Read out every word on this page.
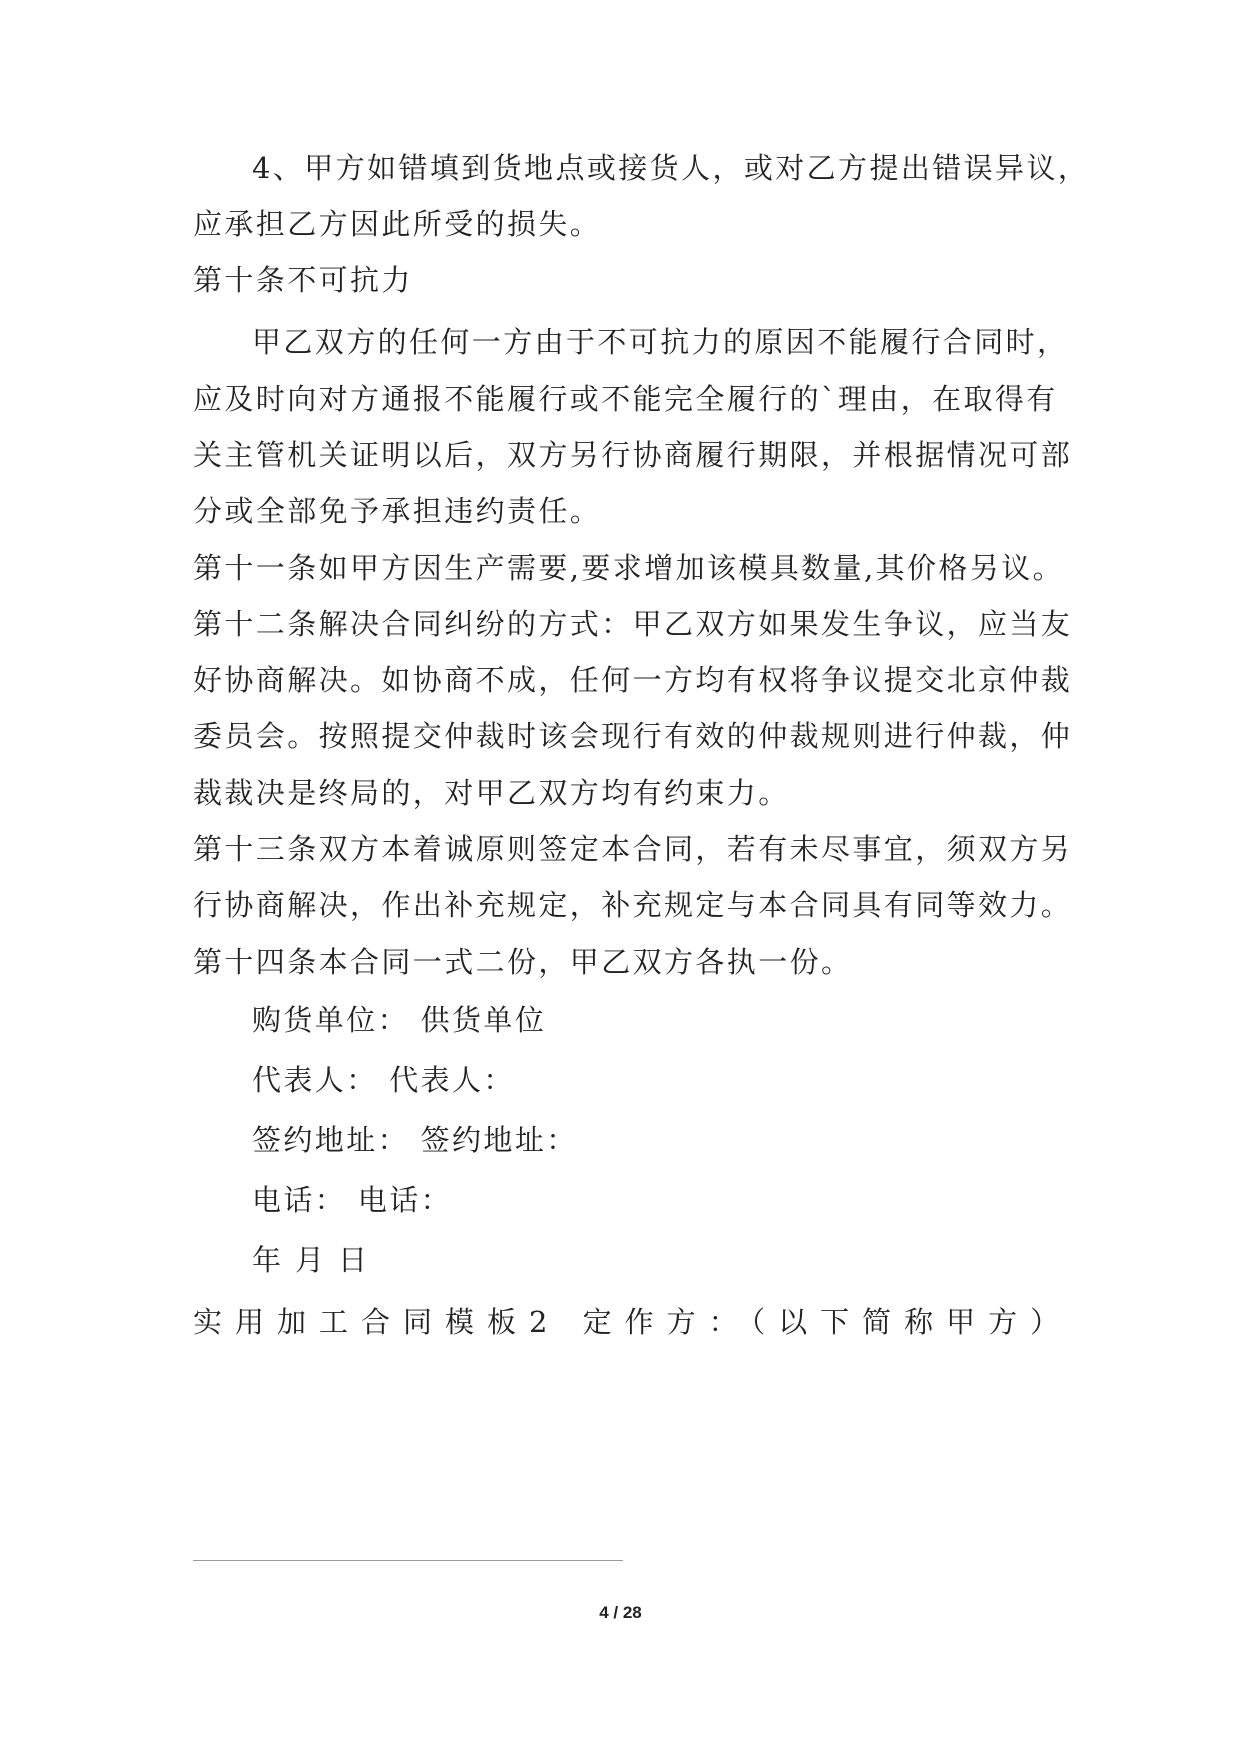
4、甲方如错填到货地点或接货人，或对乙方提出错误异议，
应承担乙方因此所受的损失。
第十条不可抗力
甲乙双方的任何一方由于不可抗力的原因不能履行合同时，
应及时向对方通报不能履行或不能完全履行的`理由，在取得有
关主管机关证明以后，双方另行协商履行期限，并根据情况可部
分或全部免予承担违约责任。
第十一条如甲方因生产需要,要求增加该模具数量,其价格另议。
第十二条解决合同纠纷的方式：甲乙双方如果发生争议，应当友
好协商解决。如协商不成，任何一方均有权将争议提交北京仲裁
委员会。按照提交仲裁时该会现行有效的仲裁规则进行仲裁，仲
裁裁决是终局的，对甲乙双方均有约束力。
第十三条双方本着诚原则签定本合同，若有未尽事宜，须双方另
行协商解决，作出补充规定，补充规定与本合同具有同等效力。
第十四条本合同一式二份，甲乙双方各执一份。
购货单位： 供货单位
代表人： 代表人：
签约地址： 签约地址：
电话： 电话：
年 月 日
实用加工合同模板2 定作方：（以下简称甲方）
4 / 28
